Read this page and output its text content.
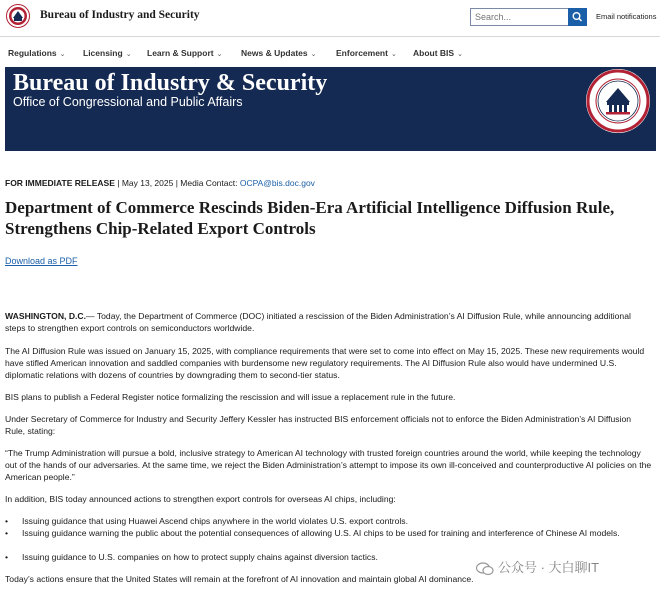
Bureau of Industry and Security
Search...	Email notifications
Regulations ⌄ Licensing ⌄ Learn & Support ⌄ News & Updates ⌄ Enforcement ⌄ About BIS ⌄
Bureau of Industry & Security
Office of Congressional and Public Affairs
FOR IMMEDIATE RELEASE | May 13, 2025 | Media Contact: OCPA@bis.doc.gov
Department of Commerce Rescinds Biden-Era Artificial Intelligence Diffusion Rule, Strengthens Chip-Related Export Controls
Download as PDF

WASHINGTON, D.C.— Today, the Department of Commerce (DOC) initiated a rescission of the Biden Administration’s AI Diffusion Rule, while announcing additional steps to strengthen export controls on semiconductors worldwide.

The AI Diffusion Rule was issued on January 15, 2025, with compliance requirements that were set to come into effect on May 15, 2025. These new requirements would have stifled American innovation and saddled companies with burdensome new regulatory requirements. The AI Diffusion Rule also would have undermined U.S. diplomatic relations with dozens of countries by downgrading them to second-tier status.

BIS plans to publish a Federal Register notice formalizing the rescission and will issue a replacement rule in the future.

Under Secretary of Commerce for Industry and Security Jeffery Kessler has instructed BIS enforcement officials not to enforce the Biden Administration’s AI Diffusion Rule, stating:

“The Trump Administration will pursue a bold, inclusive strategy to American AI technology with trusted foreign countries around the world, while keeping the technology out of the hands of our adversaries. At the same time, we reject the Biden Administration’s attempt to impose its own ill-conceived and counterproductive AI policies on the American people.”

In addition, BIS today announced actions to strengthen export controls for overseas AI chips, including:

• Issuing guidance that using Huawei Ascend chips anywhere in the world violates U.S. export controls.
• Issuing guidance warning the public about the potential consequences of allowing U.S. AI chips to be used for training and interference of Chinese AI models.
• Issuing guidance to U.S. companies on how to protect supply chains against diversion tactics.

Today’s actions ensure that the United States will remain at the forefront of AI innovation and maintain global AI dominance.

公众号 · 大白聊IT
